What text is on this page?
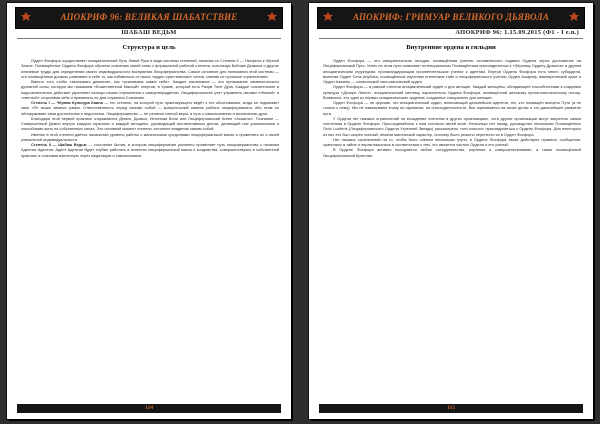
АПОКРИФ 96: ВЕЛИКАЯ ШАБАТСТВИЕ
ШАБАШ ВЕДЬМ
Структура и цель

Орден Фосфора осуществляет инициатический Путь Левой Руки в виде системы степеней, начиная со Степени 0 — Неофита к Чёрной Земле. Посвящённые Ордена Фосфора обучены сознанию своей силы с формальной работой степени, используя Библию Дьявола и другие ключевые труды для определения своего индивидуального восприятия Люциферианства. Самое основное для понимания этой системы — что посвящённые должны развивать в себе то, как избавиться от своих «иудео-христианских» основ, снимая их прошлые ограничения».

Вместо того чтобы «вкалывать демонов», мы «усиливаем самих себя». Каждое заклинание — это призывание символического духовной силы, которую мы называем «Божественной Маской» энергии, в Храме, который есть Разум Теле Духа. Каждое сознательное и подсознательное действие укрепляет пальцы наших стремления к самоутверждению. Люциферианство учит управлять своими «тёмной» и «светлой» сторонами себя и применять их для служения Сознанию.

Степень I — Чёрная Культура Каина — это степень, на которой путь практикующего ведёт к его обоснованию, когда он поднимает свое «Я» выше земных рамок. Ответственность перед своими собой — краеугольный камень работы люциферианина, ибо этим он обнаруживает свои достоинства и недостатки. Люциферианство — не религия слепой веры, а путь к самопознанию и вознесению духа.

Благодаря этой первой практике открываются Демон, Дьявол, Истинная Воля или Люциферианский Ангел «Азазель». Познание — Совершенный Демон внутри каждого мужчины и каждой женщины, руководящий инстинктивным делом, делающий нас уникальными и способными жить на собственных силах. Это основной момент степени, истинное владение самим собой.

Именно в этой степени даётся начальный уровень работы с магическими средствами люциферианской магии и применять их к своей уникальной индивидуальности.

Степень II — Шабаш Ведьм — состояние бытия, в котором люциферианин усиленно применяет путь люциферианства к началам Адептии Адептии. Адепт Адептии будет глубже работать в аспектах люциферианской магии и колдовства, совершенствуясь в собственной практике и познавая вселенную через медитацию и самопознание.

114
АПОКРИФ: ГРИМУАР ВЕЛИКОГО ДЬЯВОЛА
АПОКРИФ 96: 1.15.09.2015 (Ф1 - I e.n.)
Внутренние ордена и гильдии

Орден Фосфора — это инициатическая гильдия, посвящённая учению человеческого подвига Ордена через достижение на Люциферианский Путь. Успех на этом пути позволяет потенциальным Посвящённым присоединиться к «Чёрному Ордену Дракона» и другим инициатическим структурам, пропагандирующим просветительское учение к адептам. Внутри Ордена Фосфора есть много субордена, включая Орден Сета-Анубиса, посвящённый изучению египетских тайн и люциферианского учения, Орден Ашараф, вампирический культ и Орден Азазель — сатанинский хаос-магический орден.

Орден Фосфора — в равной степени инициатический орден и для женщин. Каждой женщины, обладающей способностями к созданию культуры «Дочери Лилит», инициатический систему, параллельно Ордена Фосфора, посвящённой женскому протагонистическому потоку. Возможно, это один из первых инициатических орденов, созданных специально для женщин.

Орден Фосфора — не церковь: это инициатический орден, включающий дальнейших адептов, тех, кто посвящён всецело Пути (а не только к нему). Мы не навязываем этому ни гармонию, ни снисходительности. Все оценивается на своих делах и это дальнейшее развитие пути.

У Ордена нет никаких ограничений на вхождение членства в других организациях, хотя другие организации могут запретить своим членствам в Ордене Фосфора. Присоединяйтесь к нам согласно своей воле. Несколько лет назад, руководство нескольких Посвящённых Ordo Luciferis (Люциферианского Ордена Утренней Звезды) рассмотрело «эти классы» присоединиться к Ордену Фосфора. Для некоторых из них это был скорее личный, нежели магический характер, поэтому было решено перенести их в Орден Фосфора.

Нет никаких ограничений на то, чтобы быть членом нескольких групп, в Ордене Фосфора также действуют правила, сообщения, хранились в тайне и неразглашались в соответствии с тем, что является частью Ордена и его учений.

В Ордене Фосфора активно поощряется любое сотрудничество, изучение и совершенствование, а также посвящённый Люциферианской Братстве.

115
